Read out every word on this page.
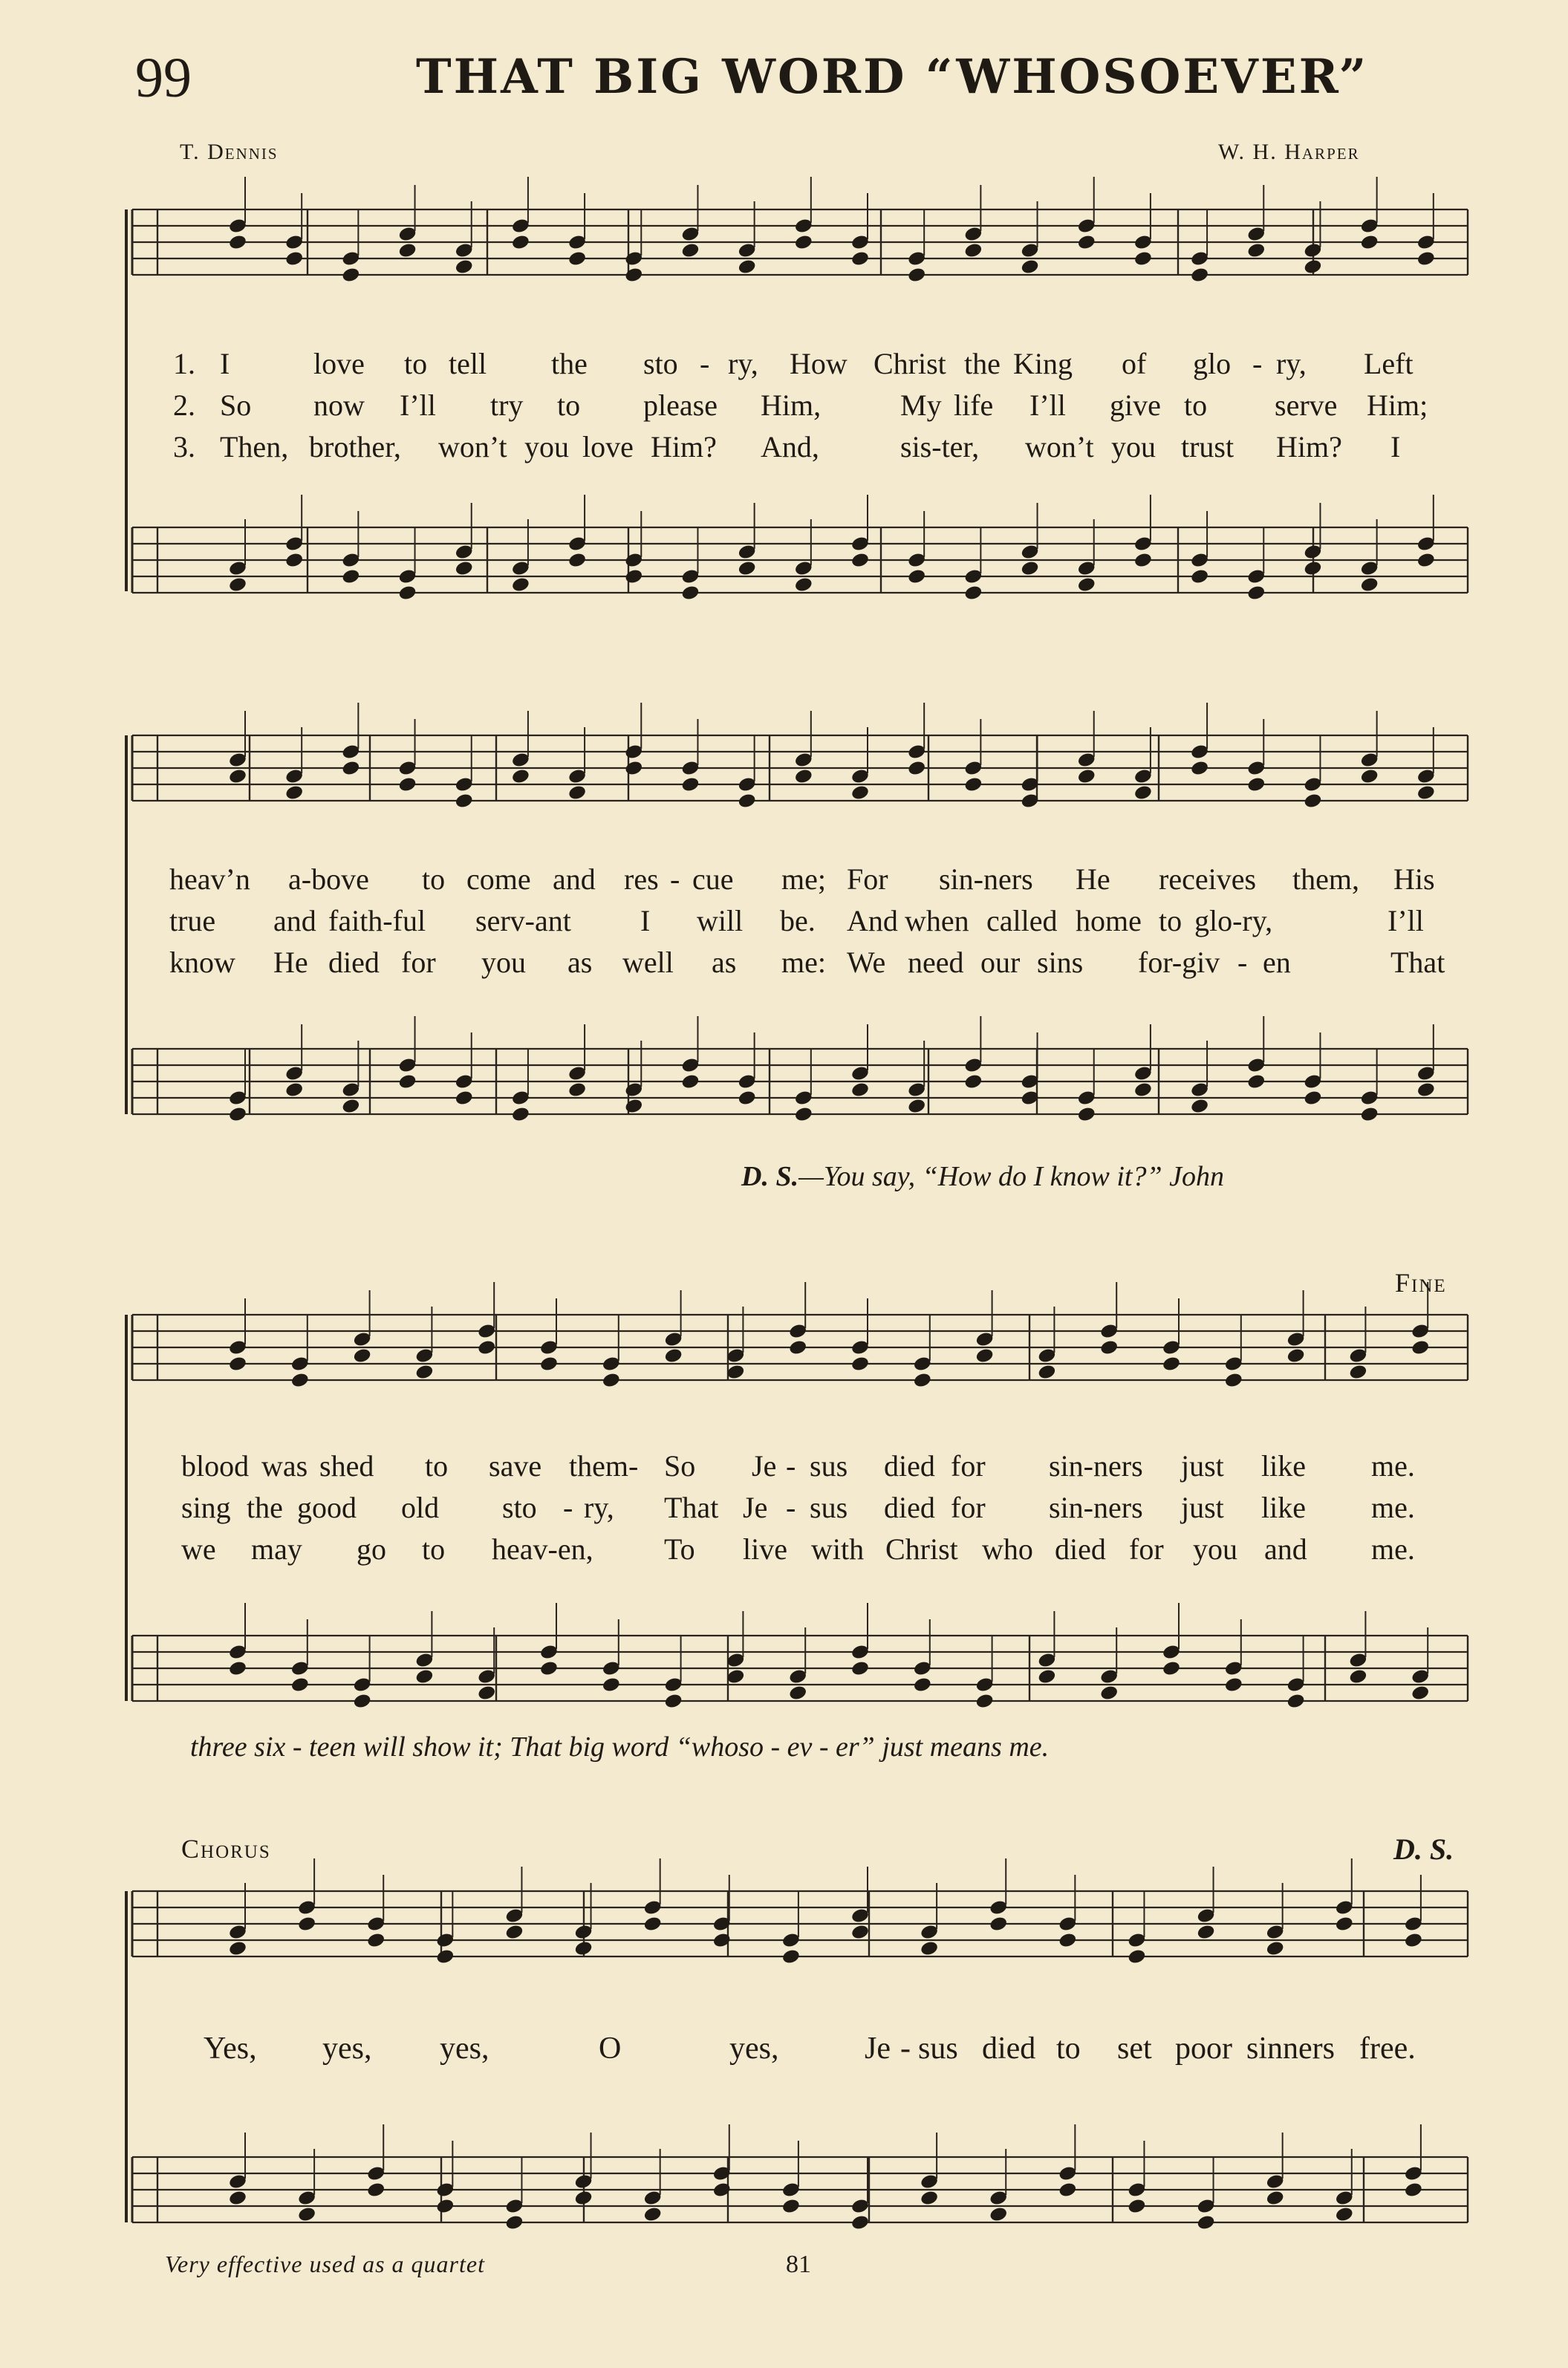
99	THAT BIG WORD “WHOSOEVER”
T. Dennis	W. H. Harper
1. I	love to tell the sto - ry, How Christ the King of glo - ry, Left
2. So now I’ll try to please Him,	My life I’ll give to serve Him;
3. Then, brother, won’t you love Him? And,	sis-ter, won’t you trust Him? I
heav’n a-bove to come and res - cue me; For sin-ners He receives them, His
true and faith-ful serv-ant I will be. And when called home to glo-ry,	I’ll
know He died for you as well as me: We need our sins for-giv - en	That
D. S.—You say, “How do I know it?” John
Fine
blood was shed to save them- So Je - sus died for sin-ners just like me.
sing the good old sto - ry, That Je - sus died for sin-ners just like me.
we may go to heav-en, To live with Christ who died for you and me.
three six - teen will show it; That big word “whoso - ev - er” just means me.
Chorus	D. S.
Yes, yes, yes,	O	yes,	Je - sus died to set poor sinners free.
Very effective used as a quartet	81
